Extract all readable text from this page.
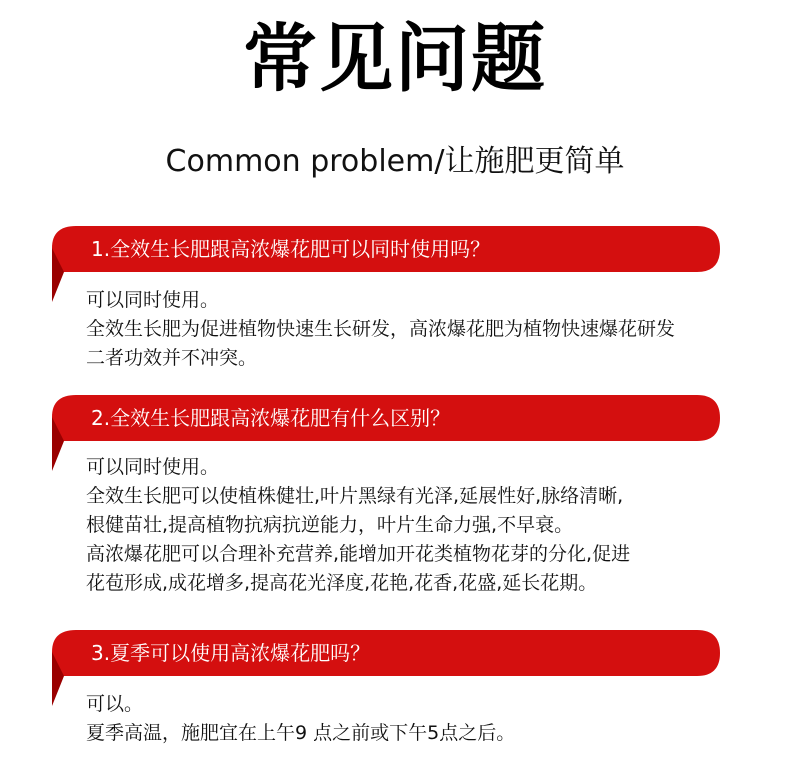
常见问题
Common problem/让施肥更简单
1.全效生长肥跟高浓爆花肥可以同时使用吗？
可以同时使用。
全效生长肥为促进植物快速生长研发，高浓爆花肥为植物快速爆花研发
二者功效并不冲突。
2.全效生长肥跟高浓爆花肥有什么区别？
可以同时使用。
全效生长肥可以使植株健壮,叶片黑绿有光泽,延展性好,脉络清晰,
根健苗壮,提高植物抗病抗逆能力，叶片生命力强,不早衰。
高浓爆花肥可以合理补充营养,能增加开花类植物花芽的分化,促进
花苞形成,成花增多,提高花光泽度,花艳,花香,花盛,延长花期。
3.夏季可以使用高浓爆花肥吗？
可以。
夏季高温，施肥宜在上午9 点之前或下午5点之后。
